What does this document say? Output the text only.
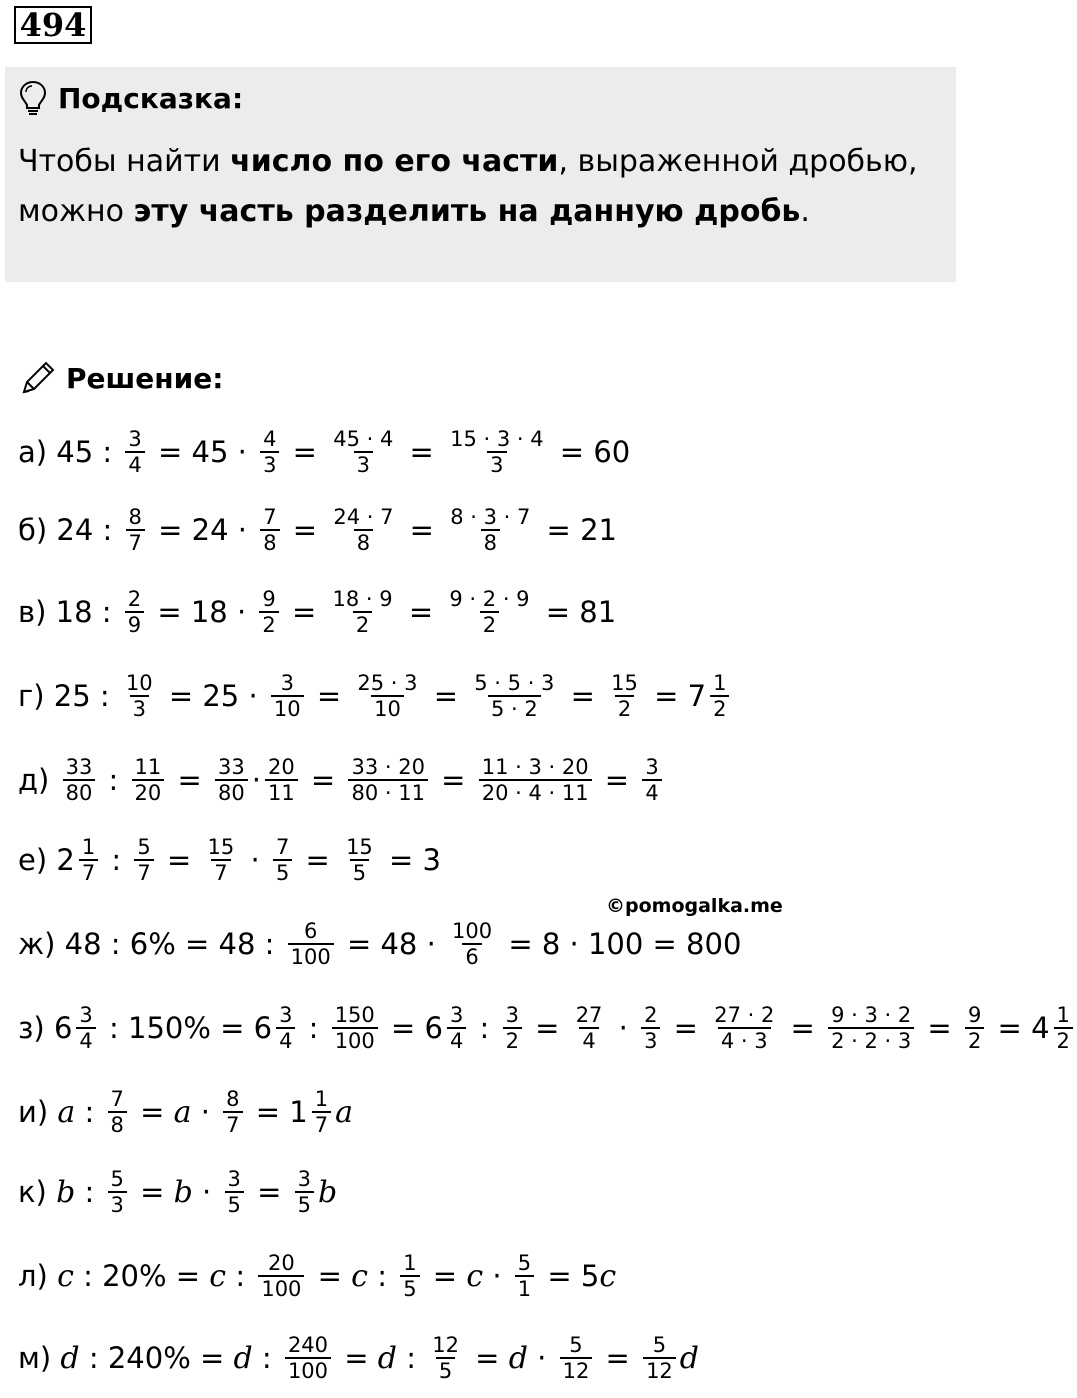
494
Подсказка:
Чтобы найти число по его части, выраженной дробью,
можно эту часть разделить на данную дробь.
Решение:
а) 45 : $\frac{3}{4} = 45 \cdot \frac{4}{3} = \frac{45 \cdot 4}{3} = \frac{15 \cdot 3 \cdot 4}{3} = 60$
б) 24 : $\frac{8}{7} = 24 \cdot \frac{7}{8} = \frac{24 \cdot 7}{8} = \frac{8 \cdot 3 \cdot 7}{8} = 21$
в) 18 : $\frac{2}{9} = 18 \cdot \frac{9}{2} = \frac{18 \cdot 9}{2} = \frac{9 \cdot 2 \cdot 9}{2} = 81$
г) 25 : $\frac{10}{3} = 25 \cdot \frac{3}{10} = \frac{25 \cdot 3}{10} = \frac{5 \cdot 5 \cdot 3}{5 \cdot 2} = \frac{15}{2} = 7 \frac{1}{2}$
д)
$\frac{33}{80}$ : $\frac{11}{20} = \frac{33}{80} \cdot \frac{20}{11} = \frac{33 \cdot 20}{80 \cdot 11} = \frac{11 \cdot 3 \cdot 20}{20 \cdot 4 \cdot 11} = \frac{3}{4}$
е) $2 \frac{1}{7}$ : $\frac{5}{7} = \frac{15}{7} \cdot \frac{7}{5} = \frac{15}{5} = 3$
ж) 48 : 6% = 48 : $\frac{6}{100} = 48 \cdot \frac{100}{6} = 8 \cdot 100 = 800$
з) $6 \frac{3}{4}$ : $150\% = 6 \frac{3}{4}$ : $\frac{150}{100} = 6 \frac{3}{4}$ : $\frac{3}{2} = \frac{27}{4} \cdot \frac{2}{3} = \frac{27 \cdot 2}{4 \cdot 3} = \frac{9 \cdot 3 \cdot 2}{2 \cdot 2 \cdot 3} = \frac{9}{2} = 4 \frac{1}{2}$
и)
a : $\frac{7}{8} = a \cdot \frac{8}{7} = 1 \frac{1}{7}$ a
к)
b : $\frac{5}{3} = b \cdot \frac{3}{5} = \frac{3}{5}$ b
л)
c : 20% = c : $\frac{20}{100} = c$ : $\frac{1}{5} = c \cdot \frac{5}{1} = 5$ c
м)
d : 240% = d : $\frac{240}{100} = d$ : $\frac{12}{5} = d \cdot \frac{5}{12} = \frac{5}{12}$ d
©pomogalka.me
